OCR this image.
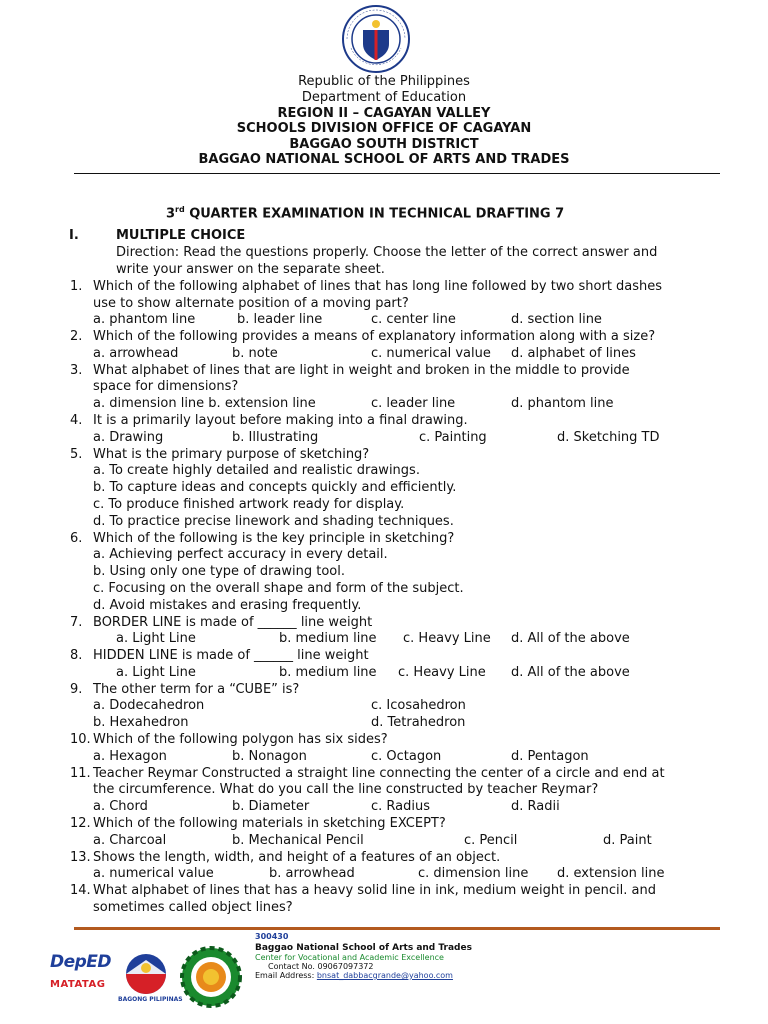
Republic of the Philippines
Department of Education
REGION II – CAGAYAN VALLEY
SCHOOLS DIVISION OFFICE OF CAGAYAN
BAGGAO SOUTH DISTRICT
BAGGAO NATIONAL SCHOOL OF ARTS AND TRADES
3rd QUARTER EXAMINATION IN TECHNICAL DRAFTING 7
I.	MULTIPLE CHOICE
Direction: Read the questions properly. Choose the letter of the correct answer and
write your answer on the separate sheet.
1. Which of the following alphabet of lines that has long line followed by two short dashes
use to show alternate position of a moving part?
a. phantom line	b. leader line	c. center line	d. section line
2. Which of the following provides a means of explanatory information along with a size?
a. arrowhead	b. note	c. numerical value d. alphabet of lines
3. What alphabet of lines that are light in weight and broken in the middle to provide
space for dimensions?
a. dimension line b. extension line	c. leader line	d. phantom line
4. It is a primarily layout before making into a final drawing.
a. Drawing	b. Illustrating	c. Painting	d. Sketching TD
5. What is the primary purpose of sketching?
a. To create highly detailed and realistic drawings.
b. To capture ideas and concepts quickly and efficiently.
c. To produce finished artwork ready for display.
d. To practice precise linework and shading techniques.
6. Which of the following is the key principle in sketching?
a. Achieving perfect accuracy in every detail.
b. Using only one type of drawing tool.
c. Focusing on the overall shape and form of the subject.
d. Avoid mistakes and erasing frequently.
7. BORDER LINE is made of ______ line weight
a. Light Line	b. medium line c. Heavy Line d. All of the above
8. HIDDEN LINE is made of ______ line weight
a. Light Line	b. medium line c. Heavy Line d. All of the above
9. The other term for a “CUBE” is?
a. Dodecahedron	c. Icosahedron
b. Hexahedron	d. Tetrahedron
10. Which of the following polygon has six sides?
a. Hexagon	b. Nonagon	c. Octagon	d. Pentagon
11. Teacher Reymar Constructed a straight line connecting the center of a circle and end at
the circumference. What do you call the line constructed by teacher Reymar?
a. Chord	b. Diameter	c. Radius	d. Radii
12. Which of the following materials in sketching EXCEPT?
a. Charcoal	b. Mechanical Pencil	c. Pencil	d. Paint
13. Shows the length, width, and height of a features of an object.
a. numerical value	b. arrowhead	c. dimension line d. extension line
14. What alphabet of lines that has a heavy solid line in ink, medium weight in pencil. and
sometimes called object lines?
DepED
MATATAG
BAGONG PILIPINAS
300430
Baggao National School of Arts and Trades
Center for Vocational and Academic Excellence
Contact No. 09067097372
Email Address: bnsat_dabbacgrande@yahoo.com
